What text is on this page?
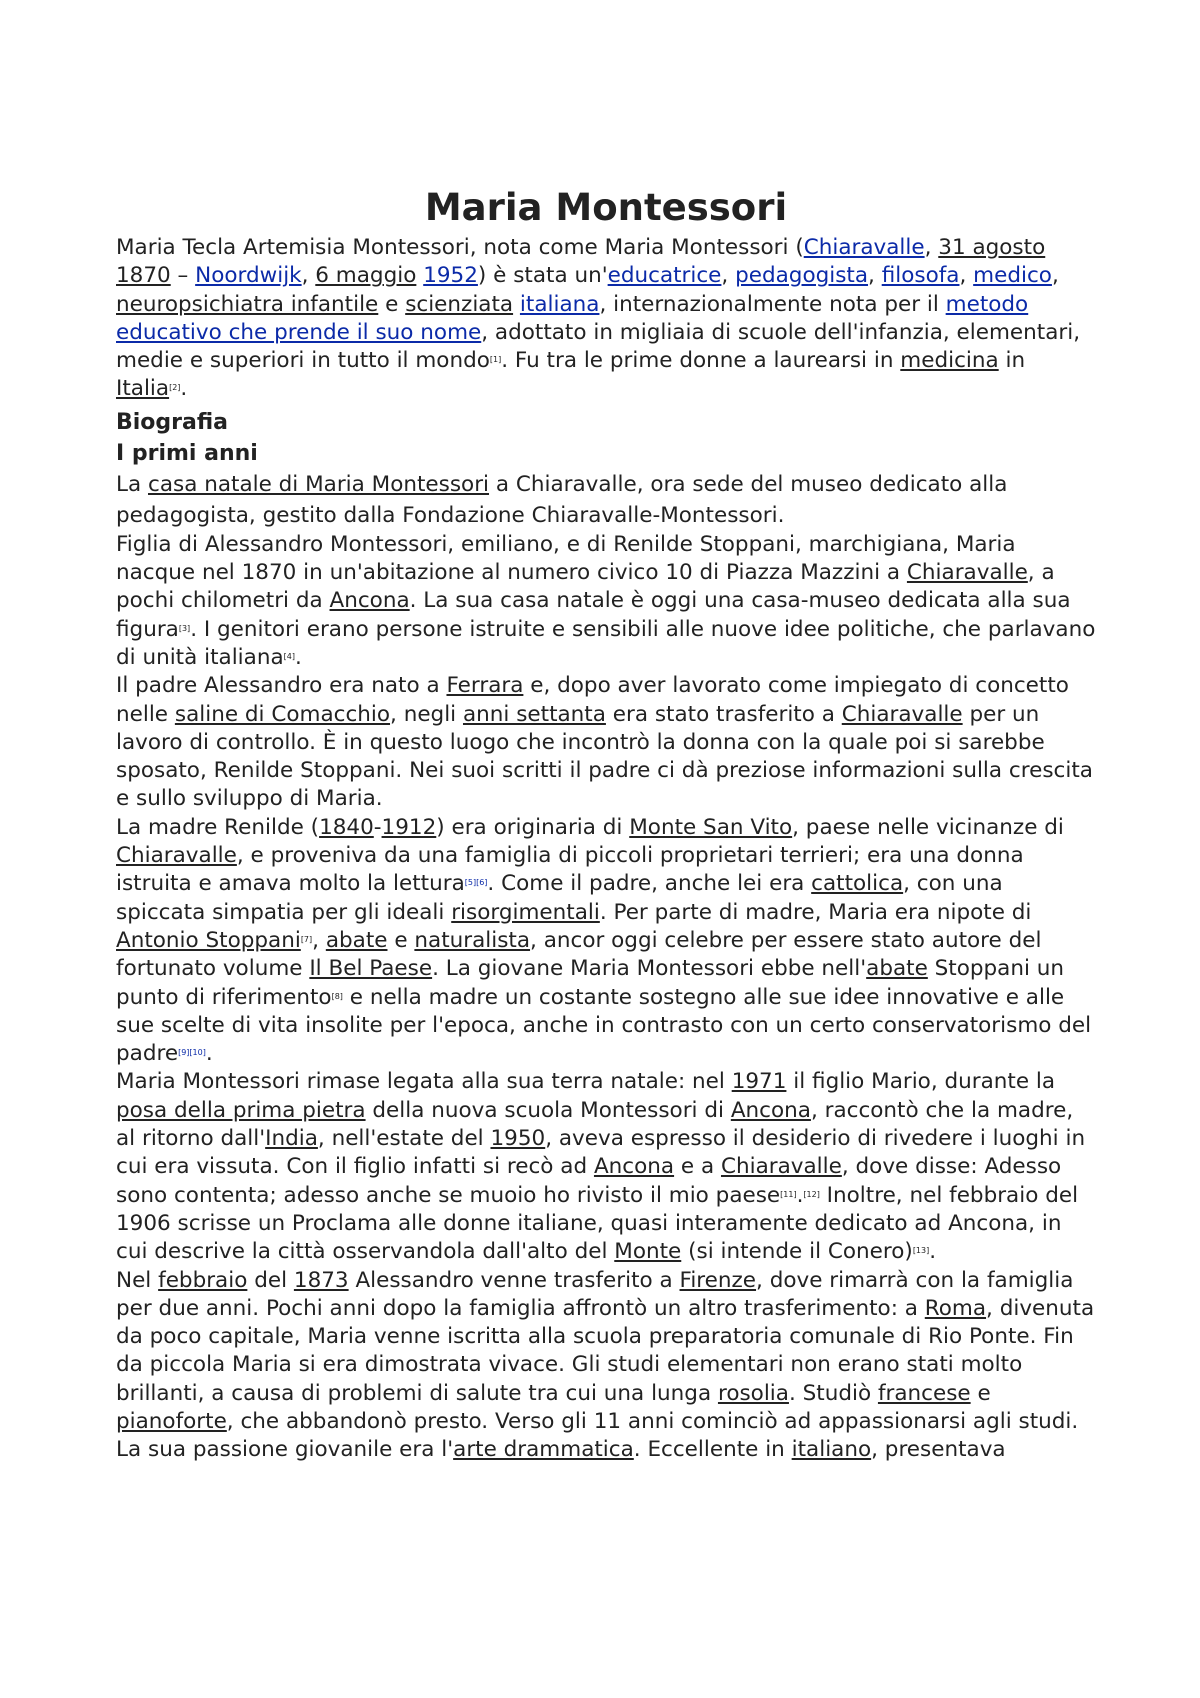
Maria Montessori

Maria Tecla Artemisia Montessori, nota come Maria Montessori (Chiaravalle, 31 agosto 1870 – Noordwijk, 6 maggio 1952) è stata un'educatrice, pedagogista, filosofa, medico, neuropsichiatra infantile e scienziata italiana, internazionalmente nota per il metodo educativo che prende il suo nome, adottato in migliaia di scuole dell'infanzia, elementari, medie e superiori in tutto il mondo[1]. Fu tra le prime donne a laurearsi in medicina in Italia[2].

Biografia
I primi anni

La casa natale di Maria Montessori a Chiaravalle, ora sede del museo dedicato alla pedagogista, gestito dalla Fondazione Chiaravalle-Montessori.

Figlia di Alessandro Montessori, emiliano, e di Renilde Stoppani, marchigiana, Maria nacque nel 1870 in un'abitazione al numero civico 10 di Piazza Mazzini a Chiaravalle, a pochi chilometri da Ancona. La sua casa natale è oggi una casa-museo dedicata alla sua figura[3]. I genitori erano persone istruite e sensibili alle nuove idee politiche, che parlavano di unità italiana[4].

Il padre Alessandro era nato a Ferrara e, dopo aver lavorato come impiegato di concetto nelle saline di Comacchio, negli anni settanta era stato trasferito a Chiaravalle per un lavoro di controllo. È in questo luogo che incontrò la donna con la quale poi si sarebbe sposato, Renilde Stoppani. Nei suoi scritti il padre ci dà preziose informazioni sulla crescita e sullo sviluppo di Maria.

La madre Renilde (1840-1912) era originaria di Monte San Vito, paese nelle vicinanze di Chiaravalle, e proveniva da una famiglia di piccoli proprietari terrieri; era una donna istruita e amava molto la lettura[5][6]. Come il padre, anche lei era cattolica, con una spiccata simpatia per gli ideali risorgimentali. Per parte di madre, Maria era nipote di Antonio Stoppani[7], abate e naturalista, ancor oggi celebre per essere stato autore del fortunato volume Il Bel Paese. La giovane Maria Montessori ebbe nell'abate Stoppani un punto di riferimento[8] e nella madre un costante sostegno alle sue idee innovative e alle sue scelte di vita insolite per l'epoca, anche in contrasto con un certo conservatorismo del padre[9][10].

Maria Montessori rimase legata alla sua terra natale: nel 1971 il figlio Mario, durante la posa della prima pietra della nuova scuola Montessori di Ancona, raccontò che la madre, al ritorno dall'India, nell'estate del 1950, aveva espresso il desiderio di rivedere i luoghi in cui era vissuta. Con il figlio infatti si recò ad Ancona e a Chiaravalle, dove disse: Adesso sono contenta; adesso anche se muoio ho rivisto il mio paese[11].[12] Inoltre, nel febbraio del 1906 scrisse un Proclama alle donne italiane, quasi interamente dedicato ad Ancona, in cui descrive la città osservandola dall'alto del Monte (si intende il Conero)[13].

Nel febbraio del 1873 Alessandro venne trasferito a Firenze, dove rimarrà con la famiglia per due anni. Pochi anni dopo la famiglia affrontò un altro trasferimento: a Roma, divenuta da poco capitale, Maria venne iscritta alla scuola preparatoria comunale di Rio Ponte. Fin da piccola Maria si era dimostrata vivace. Gli studi elementari non erano stati molto brillanti, a causa di problemi di salute tra cui una lunga rosolia. Studiò francese e pianoforte, che abbandonò presto. Verso gli 11 anni cominciò ad appassionarsi agli studi. La sua passione giovanile era l'arte drammatica. Eccellente in italiano, presentava
